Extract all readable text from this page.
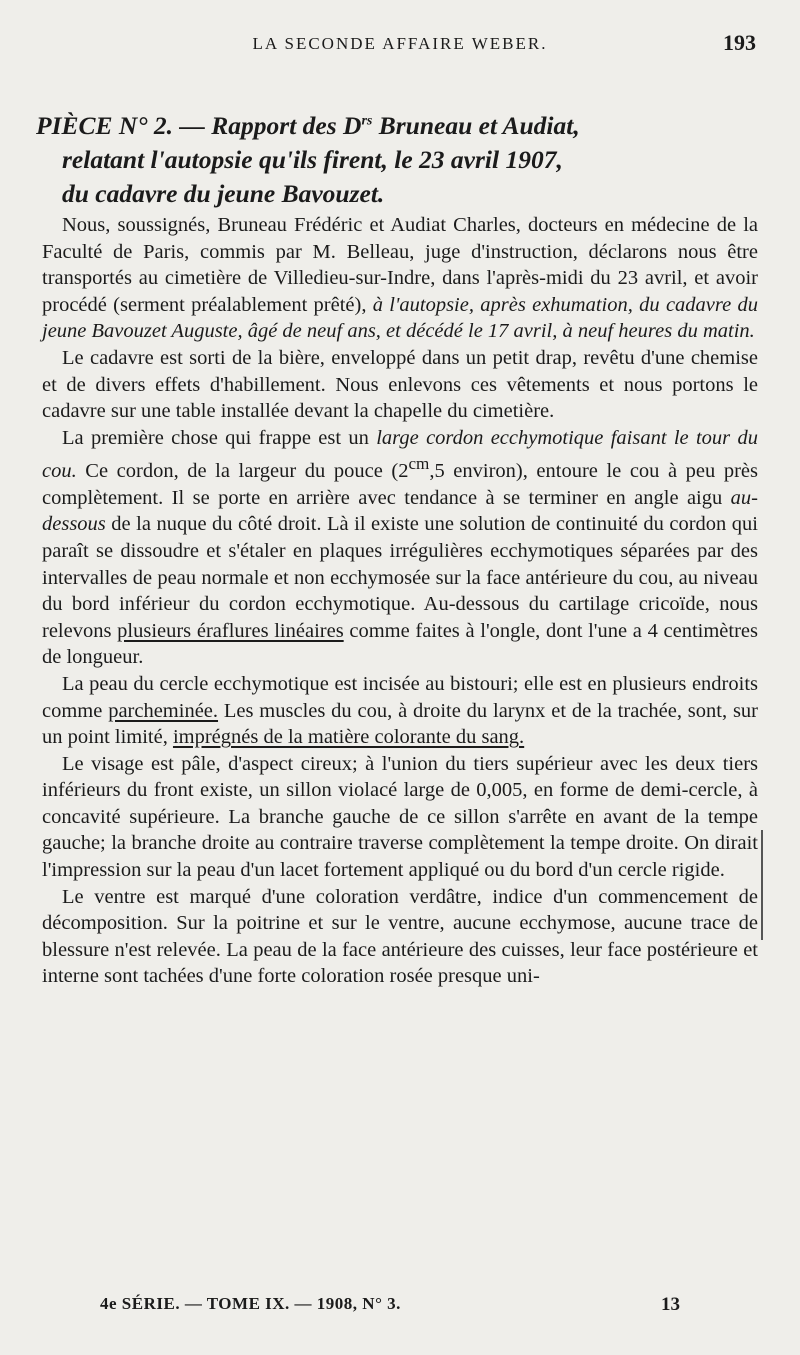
LA SECONDE AFFAIRE WEBER.	193
PIÈCE N° 2. — Rapport des $D^{rs}$ Bruneau et Audiat,
relatant l'autopsie qu'ils firent, le 23 avril 1907,
du cadavre du jeune Bavouzet.

Nous, soussignés, Bruneau Frédéric et Audiat Charles, docteurs en médecine de la Faculté de Paris, commis par M. Belleau, juge d'instruction, déclarons nous être transportés au cimetière de Villedieu-sur-Indre, dans l'après-midi du 23 avril, et avoir procédé (serment préalablement prêté), à l'autopsie, après exhumation, du cadavre du jeune Bavouzet Auguste, âgé de neuf ans, et décédé le 17 avril, à neuf heures du matin.

Le cadavre est sorti de la bière, enveloppé dans un petit drap, revêtu d'une chemise et de divers effets d'habillement. Nous enlevons ces vêtements et nous portons le cadavre sur une table installée devant la chapelle du cimetière.

La première chose qui frappe est un large cordon ecchymotique faisant le tour du cou. Ce cordon, de la largeur du pouce ($2^{cm},5$ environ), entoure le cou à peu près complètement. Il se porte en arrière avec tendance à se terminer en angle aigu au-dessous de la nuque du côté droit. Là il existe une solution de continuité du cordon qui paraît se dissoudre et s'étaler en plaques irrégulières ecchymotiques séparées par des intervalles de peau normale et non ecchymosée sur la face antérieure du cou, au niveau du bord inférieur du cordon ecchymotique. Au-dessous du cartilage cricoïde, nous relevons plusieurs éraflures linéaires comme faites à l'ongle, dont l'une a 4 centimètres de longueur.

La peau du cercle ecchymotique est incisée au bistouri; elle est en plusieurs endroits comme parcheminée. Les muscles du cou, à droite du larynx et de la trachée, sont, sur un point limité, imprégnés de la matière colorante du sang.

Le visage est pâle, d'aspect cireux; à l'union du tiers supérieur avec les deux tiers inférieurs du front existe, un sillon violacé large de 0,005, en forme de demi-cercle, à concavité supérieure. La branche gauche de ce sillon s'arrête en avant de la tempe gauche; la branche droite au contraire traverse complètement la tempe droite. On dirait l'impression sur la peau d'un lacet fortement appliqué ou du bord d'un cercle rigide.

Le ventre est marqué d'une coloration verdâtre, indice d'un commencement de décomposition. Sur la poitrine et sur le ventre, aucune ecchymose, aucune trace de blessure n'est relevée. La peau de la face antérieure des cuisses, leur face postérieure et interne sont tachées d'une forte coloration rosée presque uni-

4e SÉRIE. — TOME IX. — 1908, N° 3.	13
